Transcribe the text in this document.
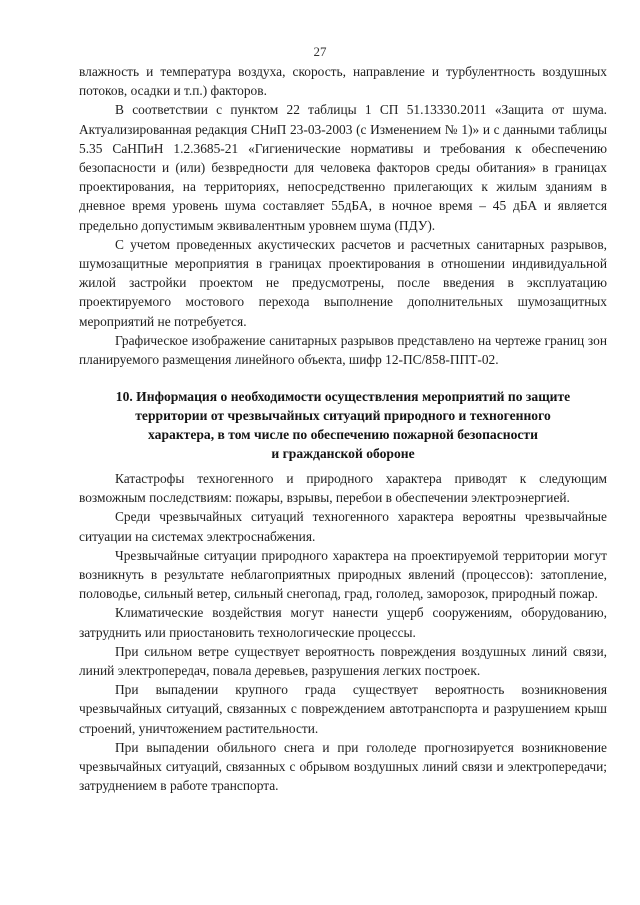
27

влажность и температура воздуха, скорость, направление и турбулентность воздушных потоков, осадки и т.п.) факторов.

В соответствии с пунктом 22 таблицы 1 СП 51.13330.2011 «Защита от шума. Актуализированная редакция СНиП 23-03-2003 (с Изменением № 1)» и с данными таблицы 5.35 СаНПиН 1.2.3685-21 «Гигиенические нормативы и требования к обеспечению безопасности и (или) безвредности для человека факторов среды обитания» в границах проектирования, на территориях, непосредственно прилегающих к жилым зданиям в дневное время уровень шума составляет 55дБА, в ночное время – 45 дБА и является предельно допустимым эквивалентным уровнем шума (ПДУ).

С учетом проведенных акустических расчетов и расчетных санитарных разрывов, шумозащитные мероприятия в границах проектирования в отношении индивидуальной жилой застройки проектом не предусмотрены, после введения в эксплуатацию проектируемого мостового перехода выполнение дополнительных шумозащитных мероприятий не потребуется.

Графическое изображение санитарных разрывов представлено на чертеже границ зон планируемого размещения линейного объекта, шифр 12-ПС/858-ППТ-02.

10. Информация о необходимости осуществления мероприятий по защите
территории от чрезвычайных ситуаций природного и техногенного
характера, в том числе по обеспечению пожарной безопасности
и гражданской обороне

Катастрофы техногенного и природного характера приводят к следующим возможным последствиям: пожары, взрывы, перебои в обеспечении электроэнергией.

Среди чрезвычайных ситуаций техногенного характера вероятны чрезвычайные ситуации на системах электроснабжения.

Чрезвычайные ситуации природного характера на проектируемой территории могут возникнуть в результате неблагоприятных природных явлений (процессов): затопление, половодье, сильный ветер, сильный снегопад, град, гололед, заморозок, природный пожар.

Климатические воздействия могут нанести ущерб сооружениям, оборудованию, затруднить или приостановить технологические процессы.

При сильном ветре существует вероятность повреждения воздушных линий связи, линий электропередач, повала деревьев, разрушения легких построек.

При выпадении крупного града существует вероятность возникновения чрезвычайных ситуаций, связанных с повреждением автотранспорта и разрушением крыш строений, уничтожением растительности.

При выпадении обильного снега и при гололеде прогнозируется возникновение чрезвычайных ситуаций, связанных с обрывом воздушных линий связи и электропередачи; затруднением в работе транспорта.
